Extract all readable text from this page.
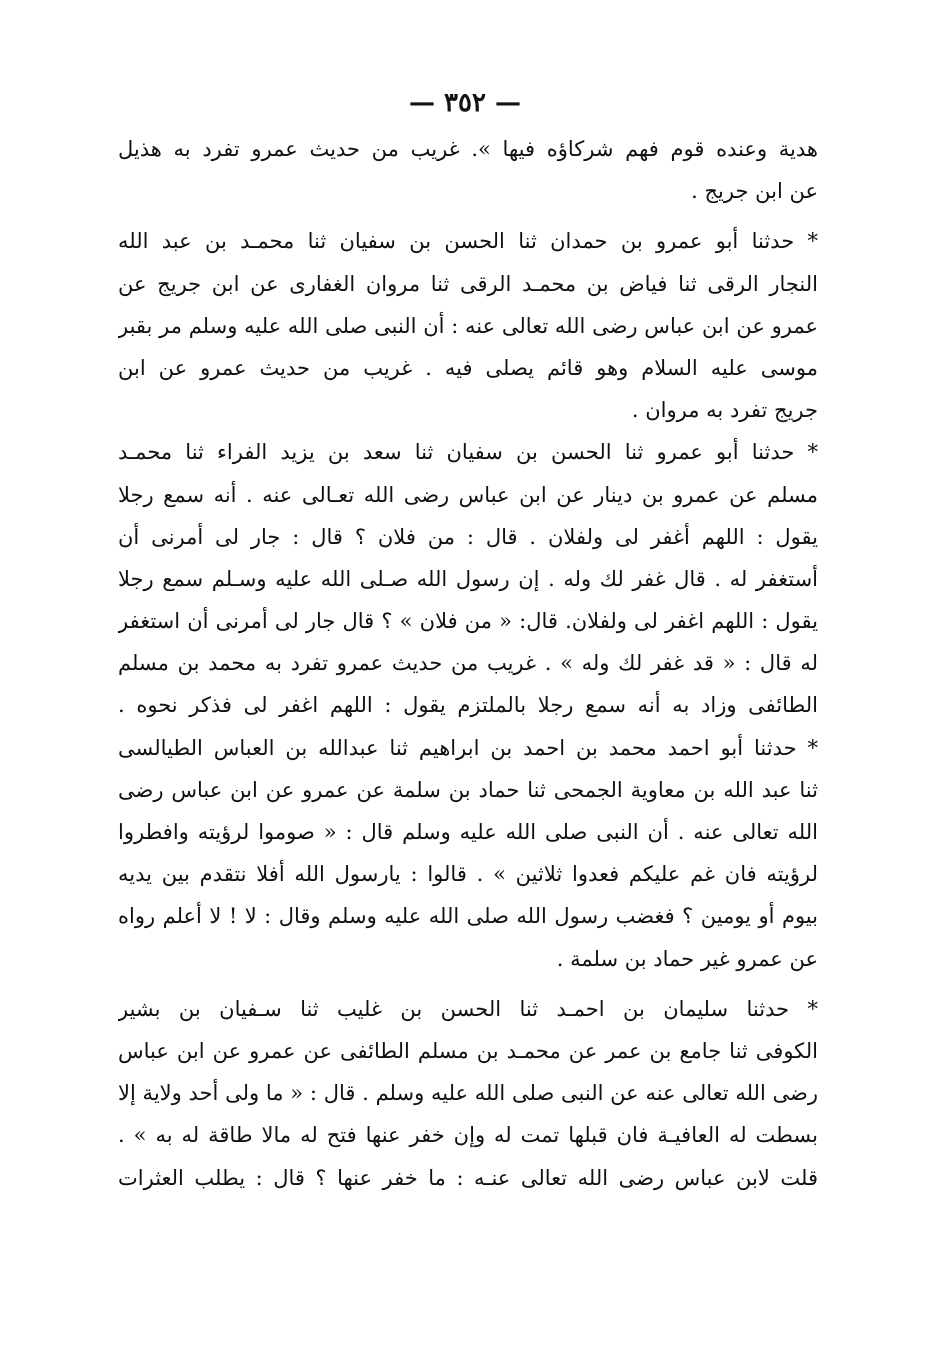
— ٣٥٢ —
هدية وعنده قوم فهم شركاؤه فيها ». غريب من حديث عمرو تفرد به هذيل
عن ابن جريج .
* حدثنا أبو عمرو بن حمدان ثنا الحسن بن سفيان ثنا محمـد بن عبد الله
النجار الرقى ثنا فياض بن محمـد الرقى ثنا مروان الغفارى عن ابن جريج عن
عمرو عن ابن عباس رضى الله تعالى عنه : أن النبى صلى الله عليه وسلم مر بقبر
موسى عليه السلام وهو قائم يصلى فيه . غريب من حديث عمرو عن ابن
جريج تفرد به مروان .
* حدثنا أبو عمرو ثنا الحسن بن سفيان ثنا سعد بن يزيد الفراء ثنا محمـد
مسلم عن عمرو بن دينار عن ابن عباس رضى الله تعـالى عنه . أنه سمع رجلا
يقول : اللهم أغفر لى ولفلان . قال : من فلان ؟ قال : جار لى أمرنى أن
أستغفر له . قال غفر لك وله . إن رسول الله صـلى الله عليه وسـلم سمع رجلا
يقول : اللهم اغفر لى ولفلان. قال: « من فلان » ؟ قال جار لى أمرنى أن استغفر
له قال : « قد غفر لك وله » . غريب من حديث عمرو تفرد به محمد بن مسلم
الطائفى وزاد به أنه سمع رجلا بالملتزم يقول : اللهم اغفر لى فذكر نحوه .
* حدثنا أبو احمد محمد بن احمد بن ابراهيم ثنا عبدالله بن العباس الطيالسى
ثنا عبد الله بن معاوية الجمحى ثنا حماد بن سلمة عن عمرو عن ابن عباس رضى
الله تعالى عنه . أن النبى صلى الله عليه وسلم قال : « صوموا لرؤيته وافطروا
لرؤيته فان غم عليكم فعدوا ثلاثين » . قالوا : يارسول الله أفلا نتقدم بين يديه
بيوم أو يومين ؟ فغضب رسول الله صلى الله عليه وسلم وقال : لا ! لا أعلم رواه
عن عمرو غير حماد بن سلمة .
* حدثنا سليمان بن احمـد ثنا الحسن بن غليب ثنا سـفيان بن بشير
الكوفى ثنا جامع بن عمر عن محمـد بن مسلم الطائفى عن عمرو عن ابن عباس
رضى الله تعالى عنه عن النبى صلى الله عليه وسلم . قال : « ما ولى أحد ولاية إلا
بسطت له العافيـة فان قبلها تمت له وإن خفر عنها فتح له مالا طاقة له به » .
قلت لابن عباس رضى الله تعالى عنـه : ما خفر عنها ؟ قال : يطلب العثرات
